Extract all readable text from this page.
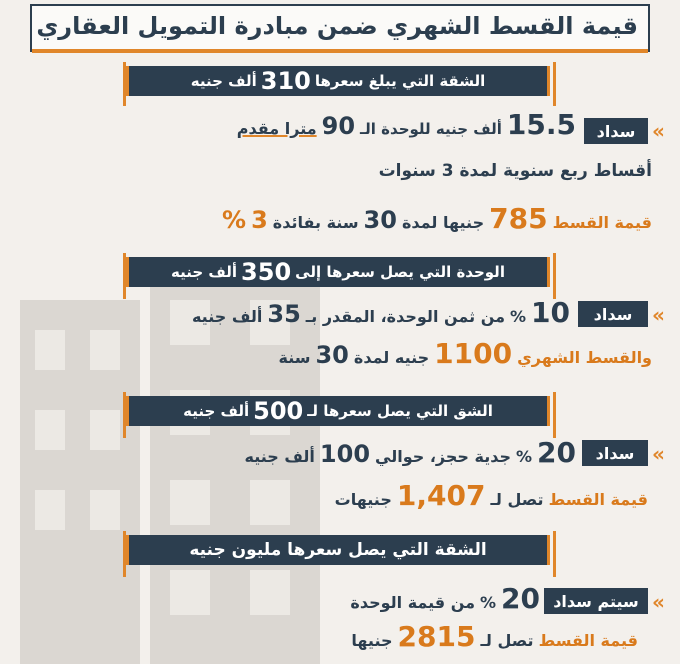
قيمة القسط الشهري ضمن مبادرة التمويل العقاري
الشقة التي يبلغ سعرها
310
ألف جنيه
»
سداد
15.5
ألف جنيه للوحدة الـ
90
مترا مقدم
أقساط ربع سنوية لمدة 3 سنوات
قيمة القسط
785
جنيها لمدة
30
سنة بفائدة
3
%
الوحدة التي يصل سعرها إلى
350
ألف جنيه
»
سداد
10
%
من ثمن الوحدة، المقدر بـ
35
ألف جنيه
والقسط الشهري
1100
جنيه لمدة
30
سنة
الشق التي يصل سعرها لـ
500
ألف جنيه
»
سداد
20
%
جدية حجز، حوالي
100
ألف جنيه
قيمة القسط
تصل لـ
1,407
جنيهات
الشقة التي يصل سعرها مليون جنيه
»
سيتم سداد
20
%
من قيمة الوحدة
قيمة القسط
تصل لـ
2815
جنيها
